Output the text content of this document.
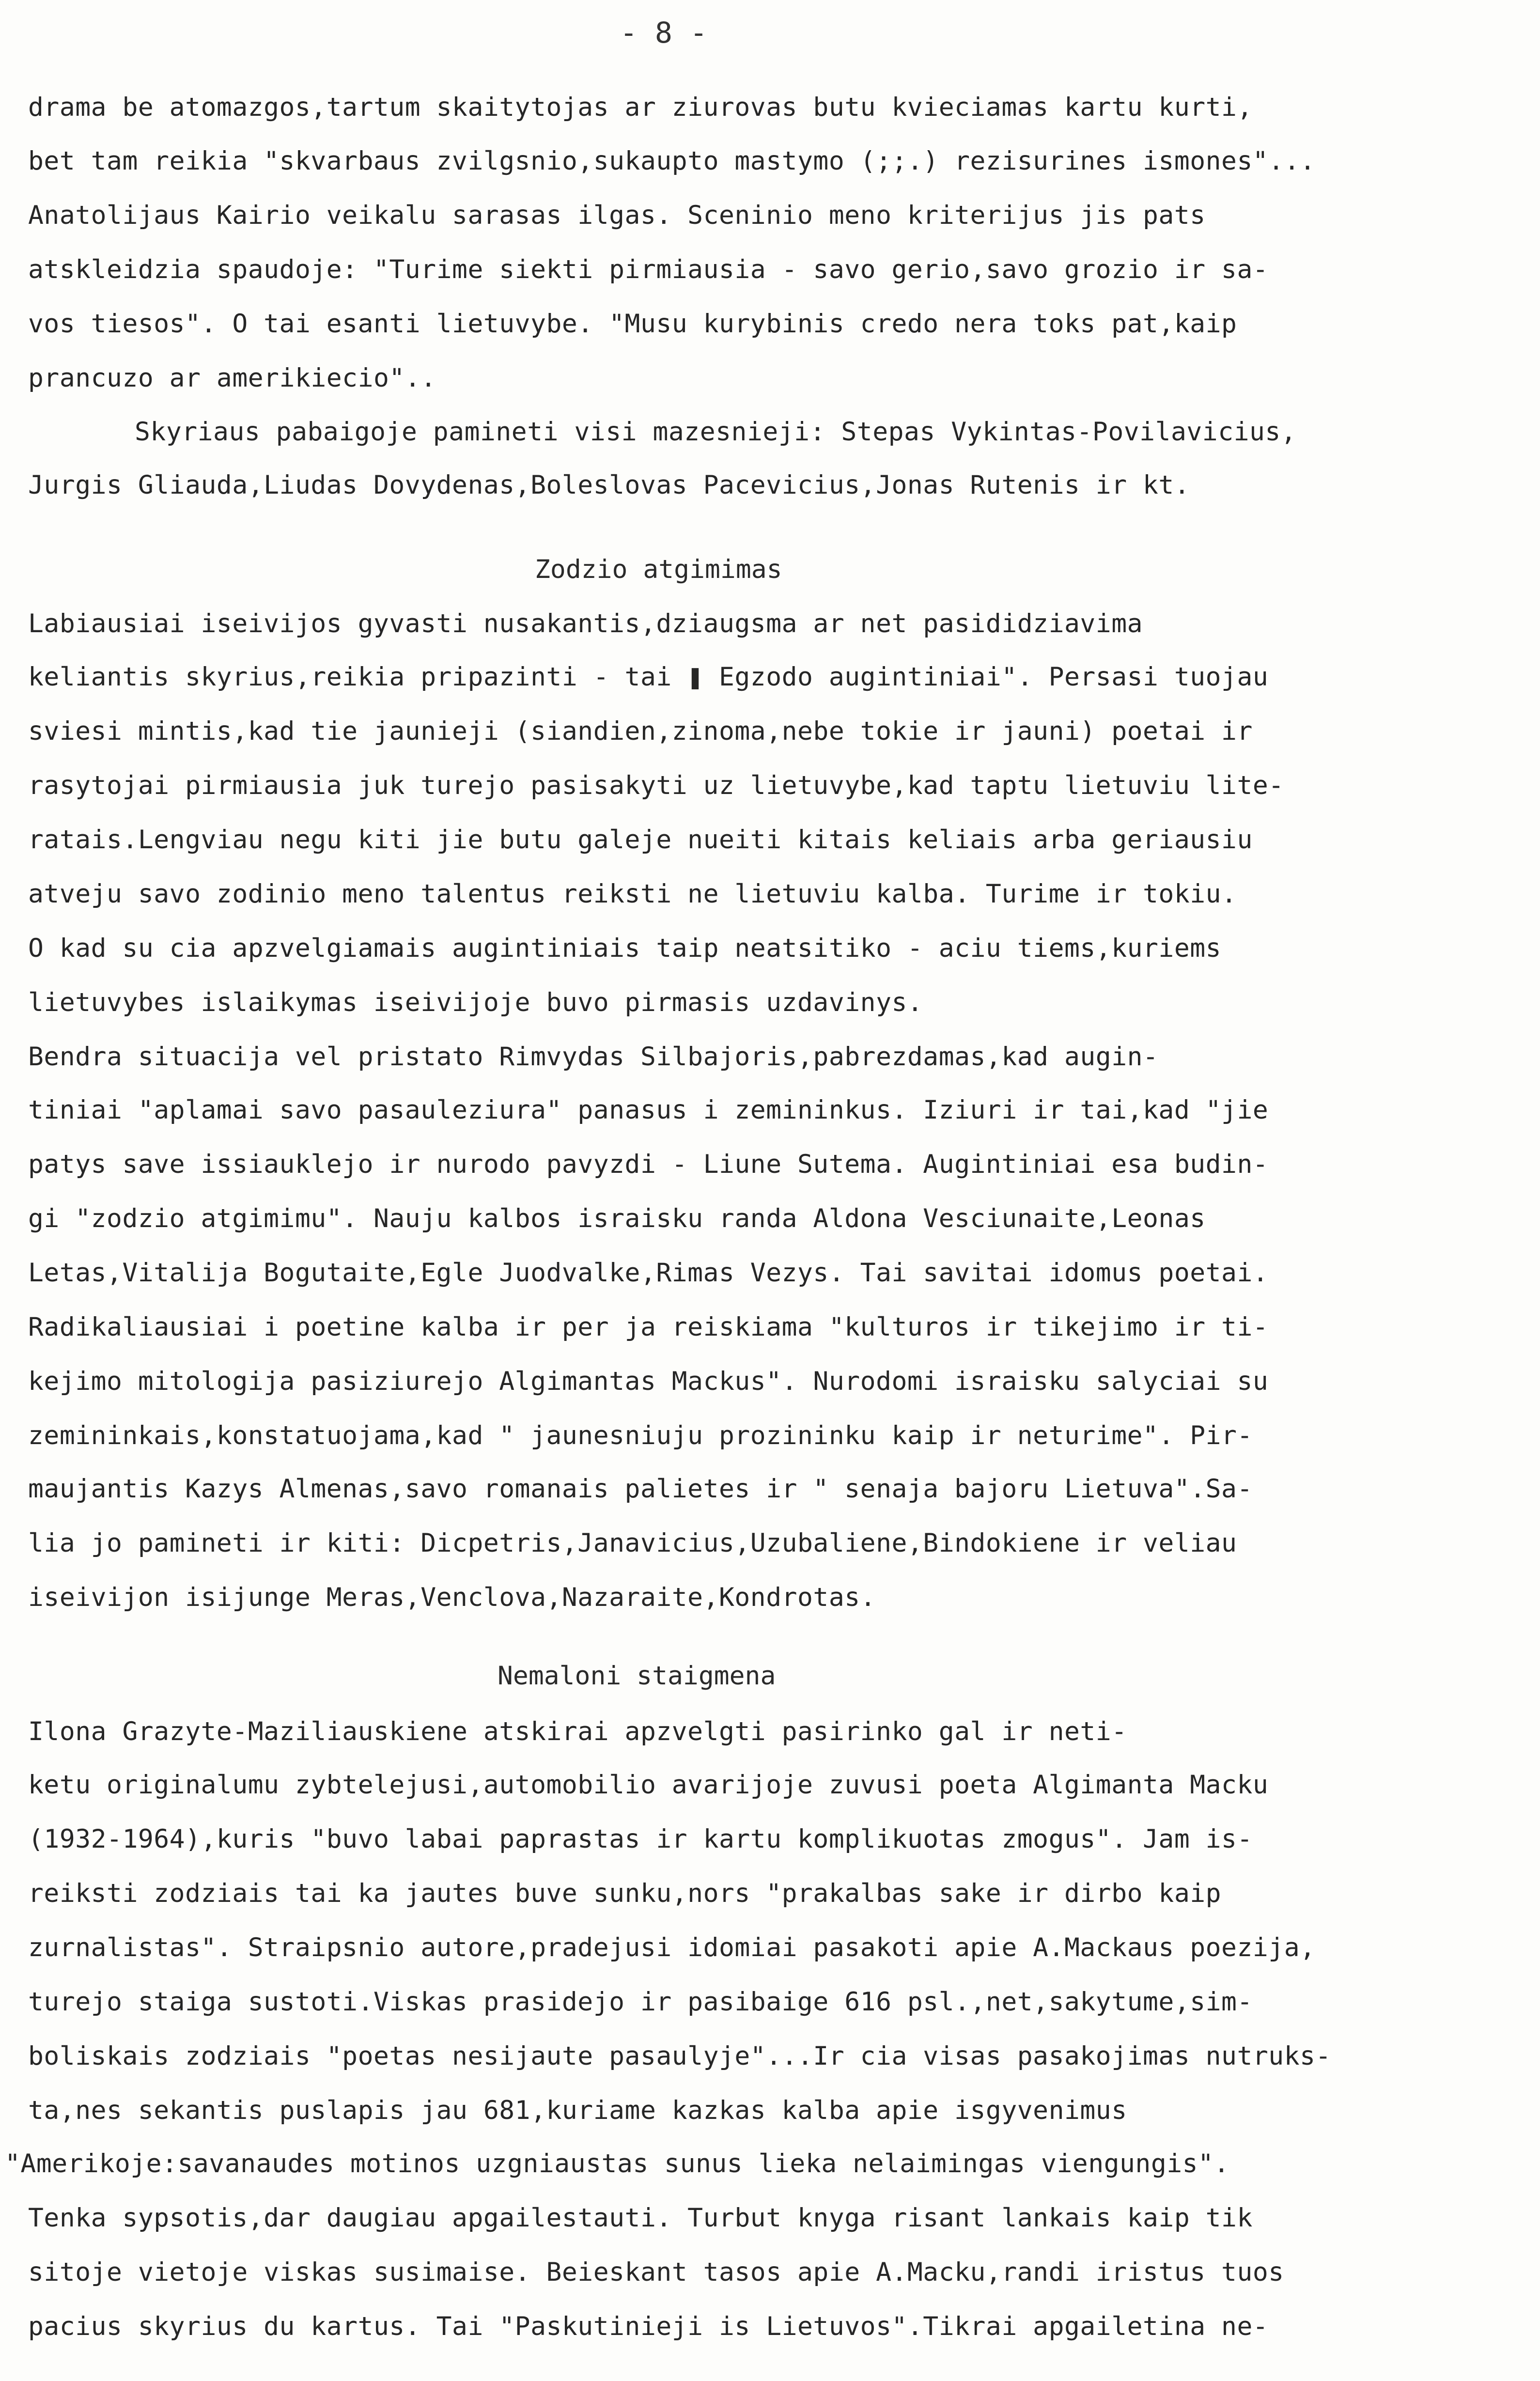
- 8 -
drama be atomazgos,tartum skaitytojas ar ziurovas butu kvieciamas kartu kurti,
bet tam reikia "skvarbaus zvilgsnio,sukaupto mastymo (;;.) rezisurines ismones"...
Anatolijaus Kairio veikalu sarasas ilgas. Sceninio meno kriterijus jis pats
atskleidzia spaudoje: "Turime siekti pirmiausia - savo gerio,savo grozio ir sa-
vos tiesos". O tai esanti lietuvybe. "Musu kurybinis credo nera toks pat,kaip
prancuzo ar amerikiecio"..
Skyriaus pabaigoje pamineti visi mazesnieji: Stepas Vykintas-Povilavicius,
Jurgis Gliauda,Liudas Dovydenas,Boleslovas Pacevicius,Jonas Rutenis ir kt.
Zodzio atgimimas
Labiausiai iseivijos gyvasti nusakantis,dziaugsma ar net pasididziavima
keliantis skyrius,reikia pripazinti - tai ❚ Egzodo augintiniai". Persasi tuojau
sviesi mintis,kad tie jaunieji (siandien,zinoma,nebe tokie ir jauni) poetai ir
rasytojai pirmiausia juk turejo pasisakyti uz lietuvybe,kad taptu lietuviu lite-
ratais.Lengviau negu kiti jie butu galeje nueiti kitais keliais arba geriausiu
atveju savo zodinio meno talentus reiksti ne lietuviu kalba. Turime ir tokiu.
O kad su cia apzvelgiamais augintiniais taip neatsitiko - aciu tiems,kuriems
lietuvybes islaikymas iseivijoje buvo pirmasis uzdavinys.
Bendra situacija vel pristato Rimvydas Silbajoris,pabrezdamas,kad augin-
tiniai "aplamai savo pasauleziura" panasus i zemininkus. Iziuri ir tai,kad "jie
patys save issiauklejo ir nurodo pavyzdi - Liune Sutema. Augintiniai esa budin-
gi "zodzio atgimimu". Nauju kalbos israisku randa Aldona Vesciunaite,Leonas
Letas,Vitalija Bogutaite,Egle Juodvalke,Rimas Vezys. Tai savitai idomus poetai.
Radikaliausiai i poetine kalba ir per ja reiskiama "kulturos ir tikejimo ir ti-
kejimo mitologija pasiziurejo Algimantas Mackus". Nurodomi israisku salyciai su
zemininkais,konstatuojama,kad " jaunesniuju prozininku kaip ir neturime". Pir-
maujantis Kazys Almenas,savo romanais palietes ir " senaja bajoru Lietuva".Sa-
lia jo pamineti ir kiti: Dicpetris,Janavicius,Uzubaliene,Bindokiene ir veliau
iseivijon isijunge Meras,Venclova,Nazaraite,Kondrotas.
Nemaloni staigmena
Ilona Grazyte-Maziliauskiene atskirai apzvelgti pasirinko gal ir neti-
ketu originalumu zybtelejusi,automobilio avarijoje zuvusi poeta Algimanta Macku
(1932-1964),kuris "buvo labai paprastas ir kartu komplikuotas zmogus". Jam is-
reiksti zodziais tai ka jautes buve sunku,nors "prakalbas sake ir dirbo kaip
zurnalistas". Straipsnio autore,pradejusi idomiai pasakoti apie A.Mackaus poezija,
turejo staiga sustoti.Viskas prasidejo ir pasibaige 616 psl.,net,sakytume,sim-
boliskais zodziais "poetas nesijaute pasaulyje"...Ir cia visas pasakojimas nutruks-
ta,nes sekantis puslapis jau 681,kuriame kazkas kalba apie isgyvenimus
"Amerikoje:savanaudes motinos uzgniaustas sunus lieka nelaimingas viengungis".
Tenka sypsotis,dar daugiau apgailestauti. Turbut knyga risant lankais kaip tik
sitoje vietoje viskas susimaise. Beieskant tasos apie A.Macku,randi iristus tuos
pacius skyrius du kartus. Tai "Paskutinieji is Lietuvos".Tikrai apgailetina ne-
